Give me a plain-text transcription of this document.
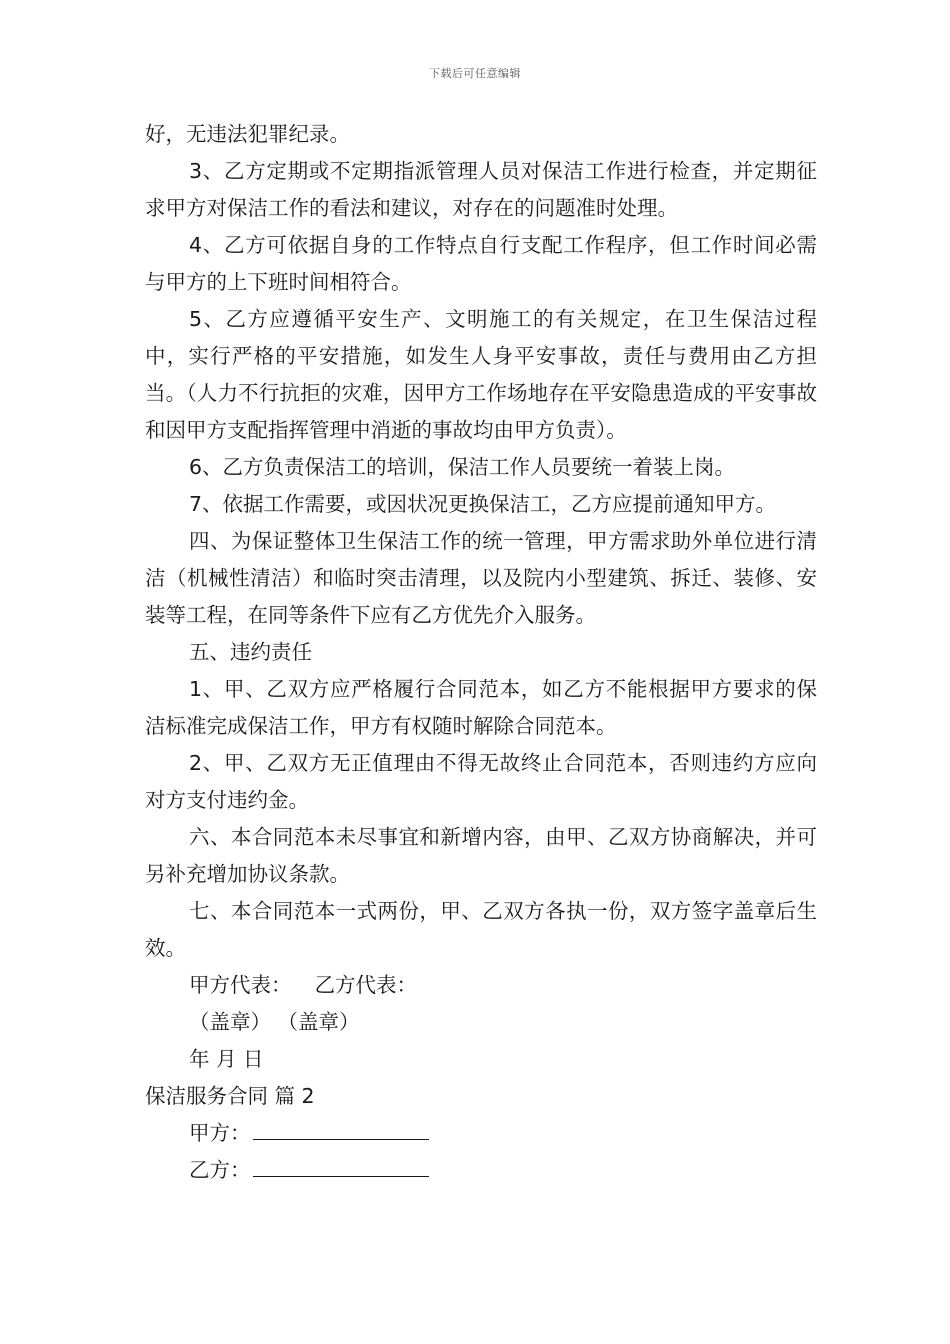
下载后可任意编辑

好，无违法犯罪纪录。

3、乙方定期或不定期指派管理人员对保洁工作进行检查，并定期征求甲方对保洁工作的看法和建议，对存在的问题准时处理。

4、乙方可依据自身的工作特点自行支配工作程序，但工作时间必需与甲方的上下班时间相符合。

5、乙方应遵循平安生产、文明施工的有关规定，在卫生保洁过程中，实行严格的平安措施，如发生人身平安事故，责任与费用由乙方担当。（人力不行抗拒的灾难，因甲方工作场地存在平安隐患造成的平安事故和因甲方支配指挥管理中消逝的事故均由甲方负责）。

6、乙方负责保洁工的培训，保洁工作人员要统一着装上岗。

7、依据工作需要，或因状况更换保洁工，乙方应提前通知甲方。

四、为保证整体卫生保洁工作的统一管理，甲方需求助外单位进行清洁（机械性清洁）和临时突击清理，以及院内小型建筑、拆迁、装修、安装等工程，在同等条件下应有乙方优先介入服务。

五、违约责任

1、甲、乙双方应严格履行合同范本，如乙方不能根据甲方要求的保洁标准完成保洁工作，甲方有权随时解除合同范本。

2、甲、乙双方无正值理由不得无故终止合同范本，否则违约方应向对方支付违约金。

六、本合同范本未尽事宜和新增内容，由甲、乙双方协商解决，并可另补充增加协议条款。

七、本合同范本一式两份，甲、乙双方各执一份，双方签字盖章后生效。

甲方代表： 乙方代表：

（盖章） （盖章）

年 月 日

保洁服务合同 篇 2

甲方：

乙方：
